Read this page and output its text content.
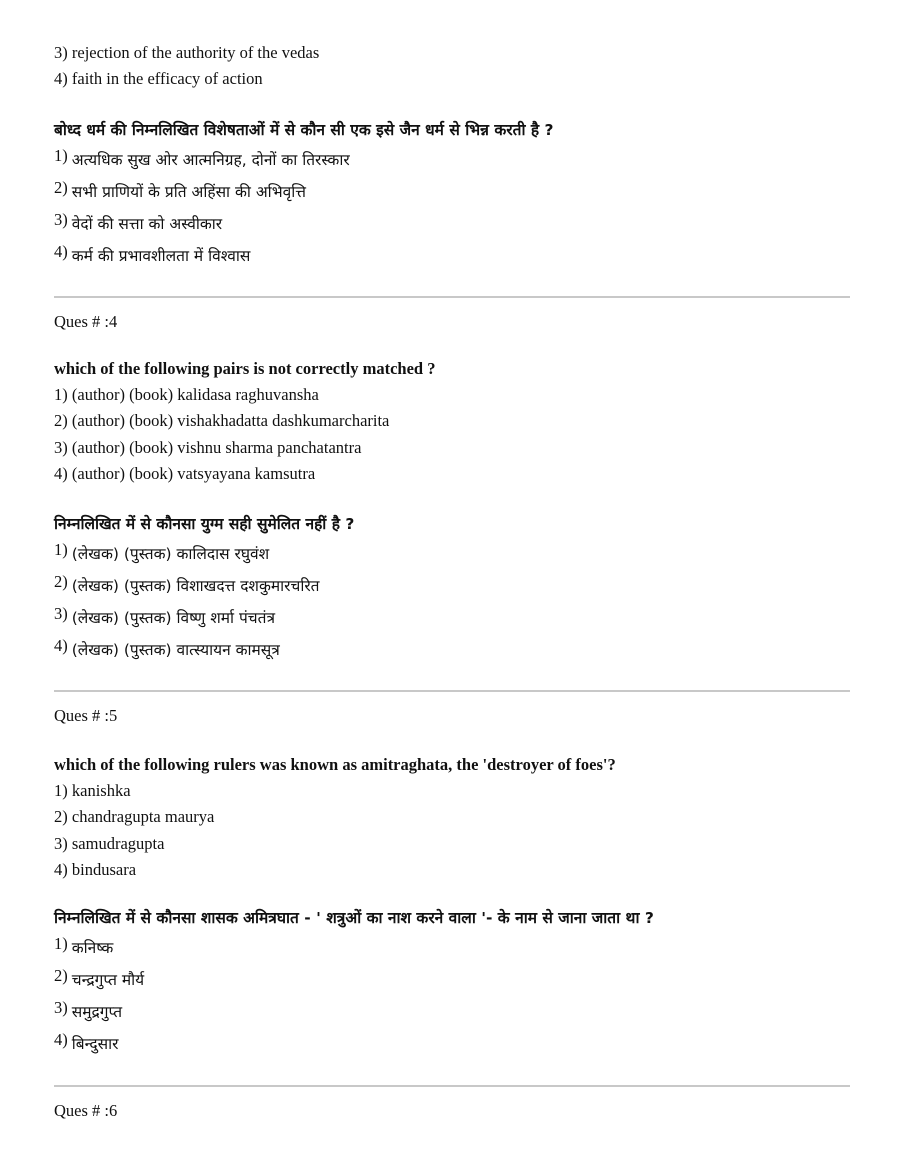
3) rejection of the authority of the vedas

4) faith in the efficacy of action

बोध्द धर्म की निम्नलिखित विशेषताओं में से कौन सी एक इसे जैन धर्म से भिन्न करती है ?

1) अत्यधिक सुख ओर आत्मनिग्रह, दोनों का तिरस्कार

2) सभी प्राणियों के प्रति अहिंसा की अभिवृत्ति

3) वेदों की सत्ता को अस्वीकार

4) कर्म की प्रभावशीलता में विश्वास

Ques # :4

which of the following pairs is not correctly matched ?

1) (author) (book) kalidasa raghuvansha

2) (author) (book) vishakhadatta dashkumarcharita

3) (author) (book) vishnu sharma panchatantra

4) (author) (book) vatsyayana kamsutra

निम्नलिखित में से कौनसा युग्म सही सुमेलित नहीं है ?

1) (लेखक) (पुस्तक) कालिदास रघुवंश

2) (लेखक) (पुस्तक) विशाखदत्त दशकुमारचरित

3) (लेखक) (पुस्तक) विष्णु शर्मा पंचतंत्र

4) (लेखक) (पुस्तक) वात्स्यायन कामसूत्र

Ques # :5

which of the following rulers was known as amitraghata, the 'destroyer of foes'?

1) kanishka

2) chandragupta maurya

3) samudragupta

4) bindusara

निम्नलिखित में से कौनसा शासक अमित्रघात - ' शत्रुओं का नाश करने वाला '- के नाम से जाना जाता था ?

1) कनिष्क

2) चन्द्रगुप्त मौर्य

3) समुद्रगुप्त

4) बिन्दुसार

Ques # :6
